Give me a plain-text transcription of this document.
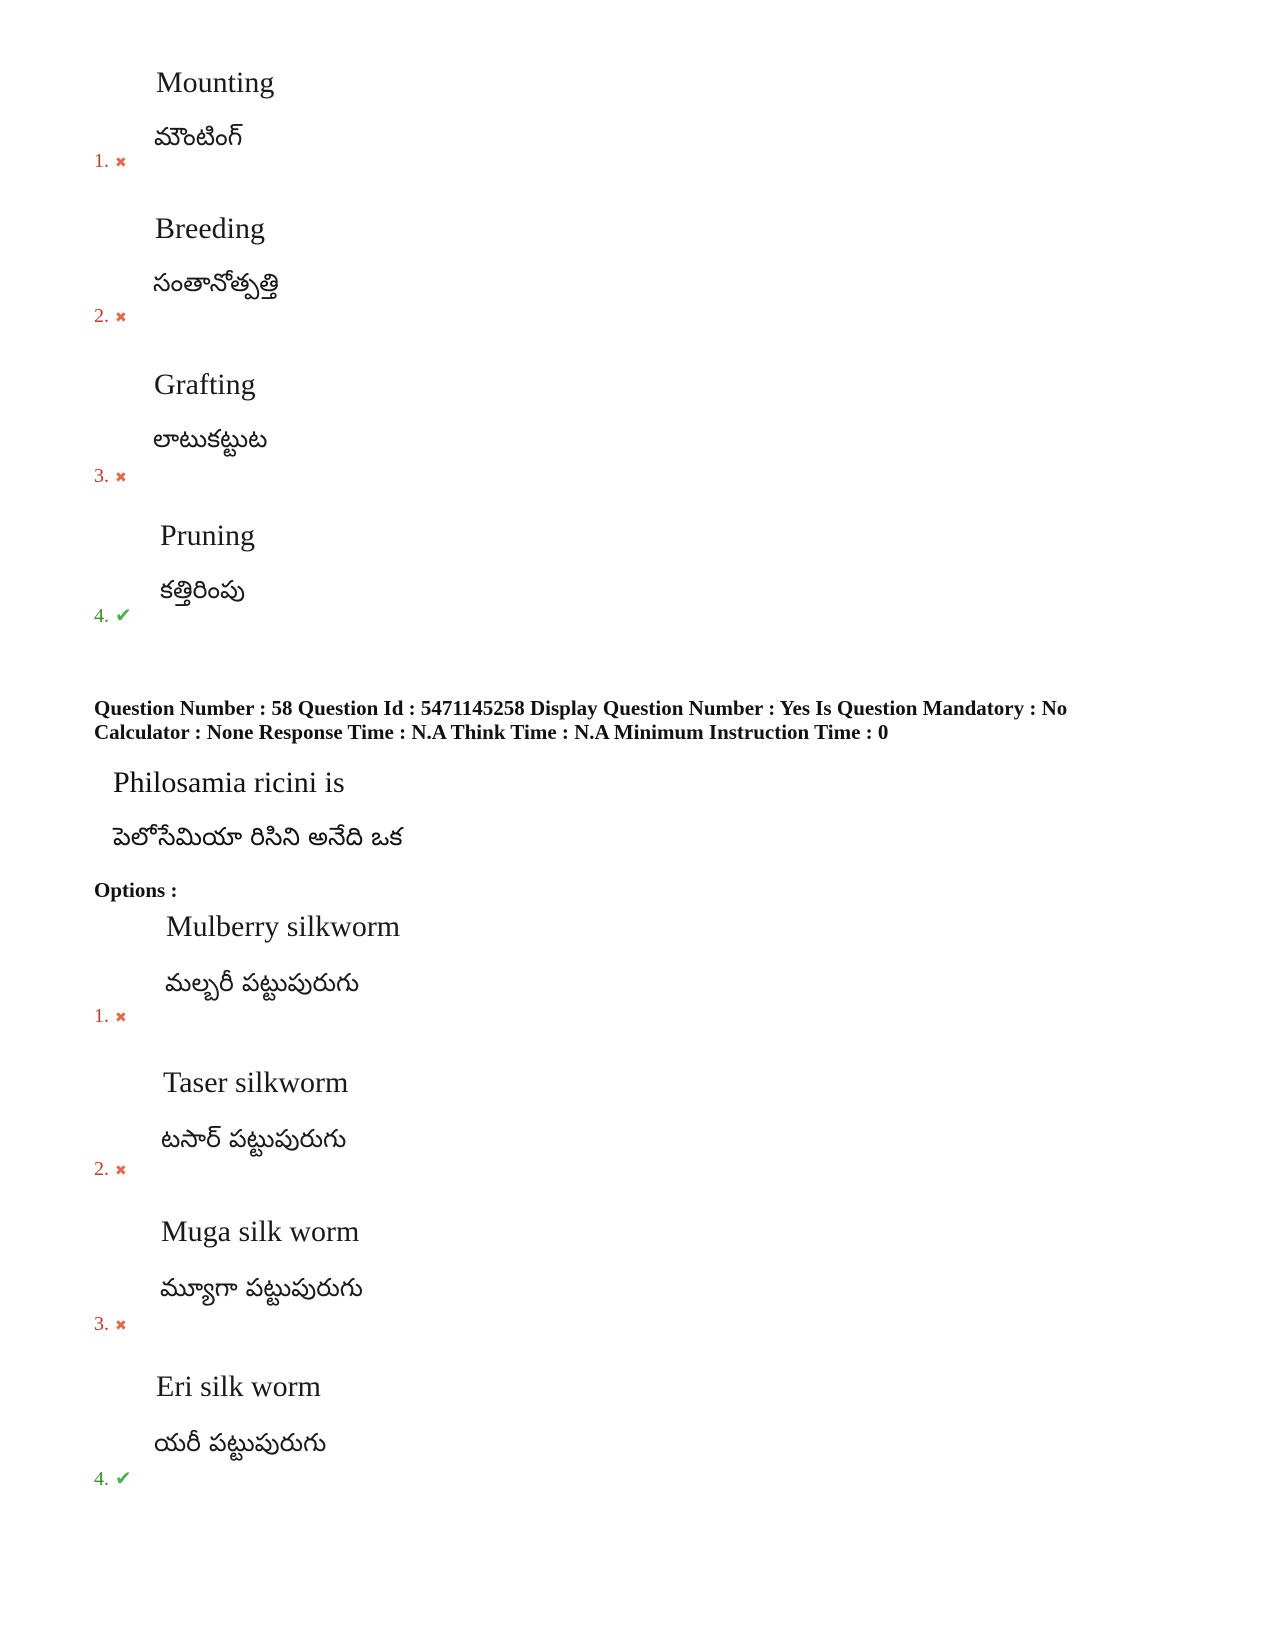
Mounting
మౌంటింగ్
1. ✖
Breeding
సంతానోత్పత్తి
2. ✖
Grafting
లాటుకట్టుట
3. ✖
Pruning
కత్తిరింపు
4. ✔
Question Number : 58 Question Id : 5471145258 Display Question Number : Yes Is Question Mandatory : No
Calculator : None Response Time : N.A Think Time : N.A Minimum Instruction Time : 0
Philosamia ricini is
పెలోసేమియా రిసిని అనేది ఒక
Options :
Mulberry silkworm
మల్బరీ పట్టుపురుగు
1. ✖
Taser silkworm
టసార్ పట్టుపురుగు
2. ✖
Muga silk worm
మ్యూగా పట్టుపురుగు
3. ✖
Eri silk worm
యరీ పట్టుపురుగు
4. ✔
